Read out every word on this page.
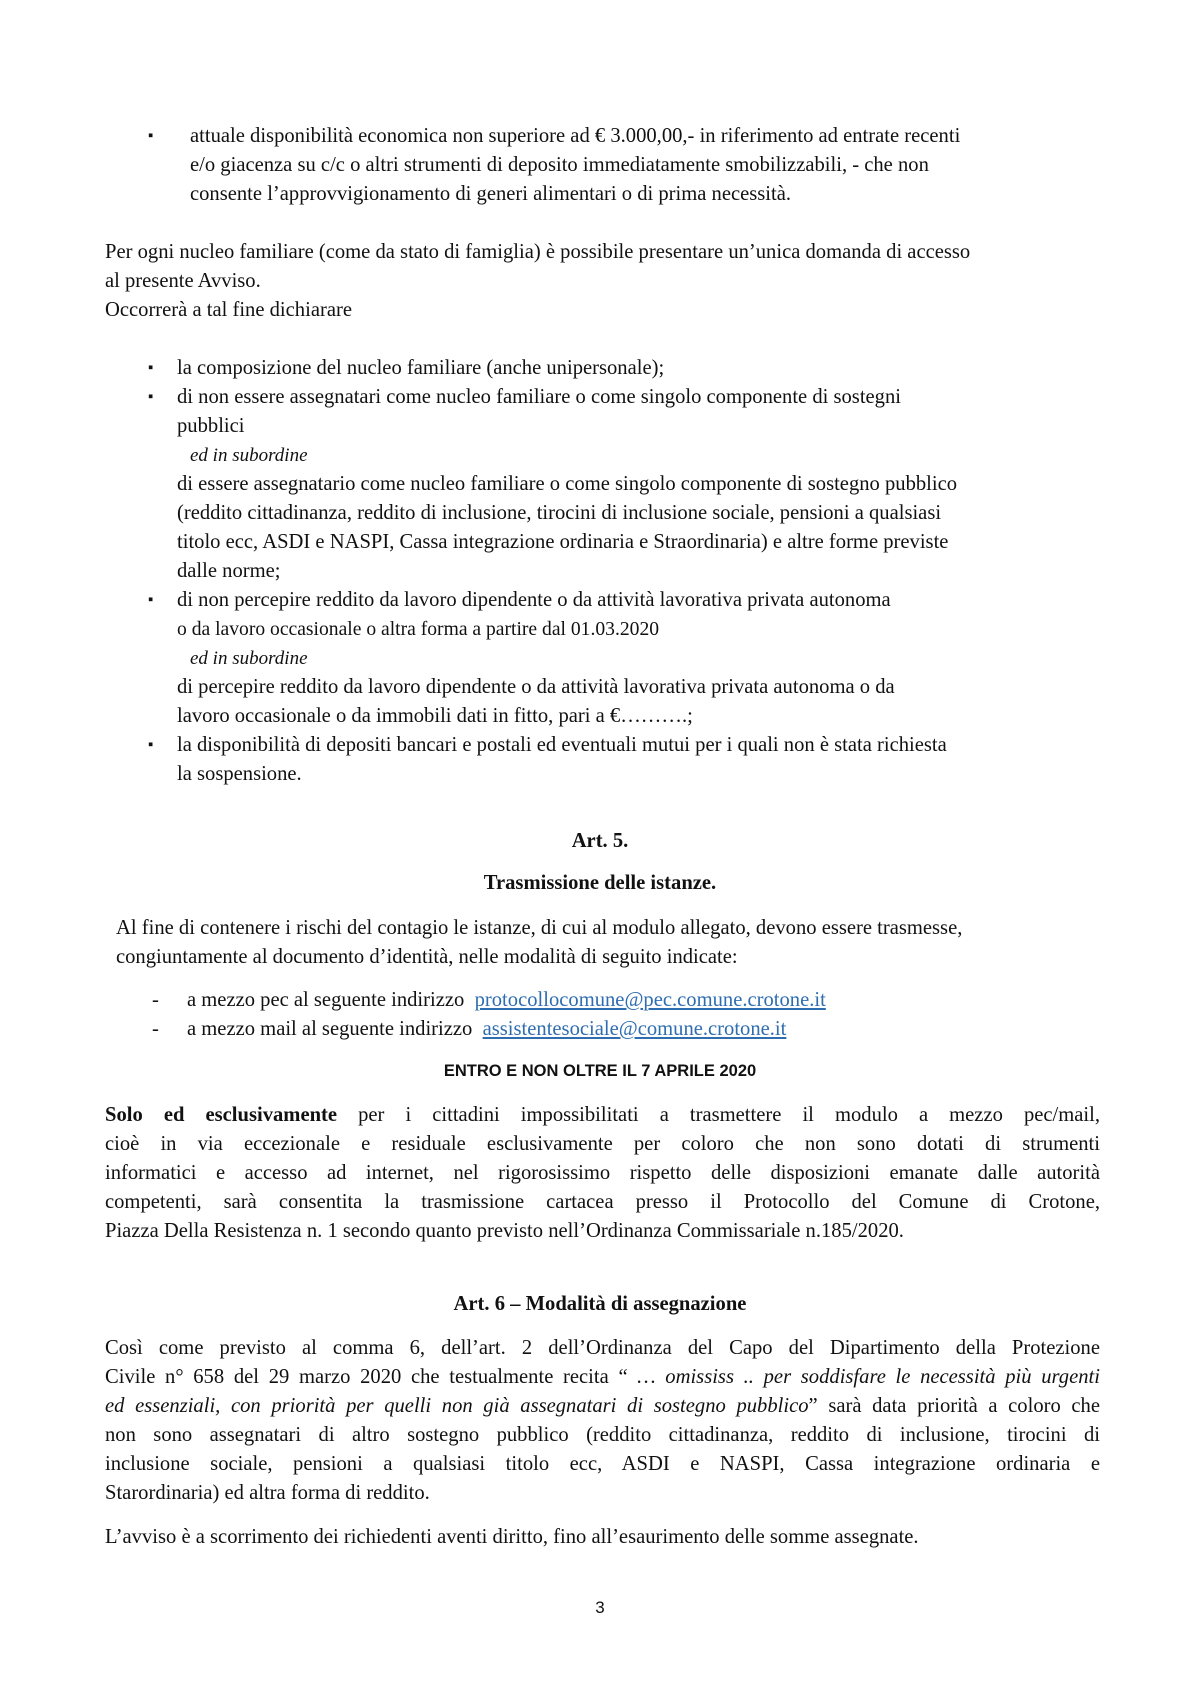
▪ attuale disponibilità economica non superiore ad € 3.000,00,- in riferimento ad entrate recenti
e/o giacenza su c/c o altri strumenti di deposito immediatamente smobilizzabili, - che non
consente l’approvvigionamento di generi alimentari o di prima necessità.
Per ogni nucleo familiare (come da stato di famiglia) è possibile presentare un’unica domanda di accesso
al presente Avviso.
Occorrerà a tal fine dichiarare
▪ la composizione del nucleo familiare (anche unipersonale);
▪ di non essere assegnatari come nucleo familiare o come singolo componente di sostegni
pubblici
ed in subordine
di essere assegnatario come nucleo familiare o come singolo componente di sostegno pubblico
(reddito cittadinanza, reddito di inclusione, tirocini di inclusione sociale, pensioni a qualsiasi
titolo ecc, ASDI e NASPI, Cassa integrazione ordinaria e Straordinaria) e altre forme previste
dalle norme;
▪ di non percepire reddito da lavoro dipendente o da attività lavorativa privata autonoma
o da lavoro occasionale o altra forma a partire dal 01.03.2020
ed in subordine
di percepire reddito da lavoro dipendente o da attività lavorativa privata autonoma o da
lavoro occasionale o da immobili dati in fitto, pari a €……….;
▪ la disponibilità di depositi bancari e postali ed eventuali mutui per i quali non è stata richiesta
la sospensione.
Art. 5.
Trasmissione delle istanze.
Al fine di contenere i rischi del contagio le istanze, di cui al modulo allegato, devono essere trasmesse,
congiuntamente al documento d’identità, nelle modalità di seguito indicate:
- a mezzo pec al seguente indirizzo protocollocomune@pec.comune.crotone.it
- a mezzo mail al seguente indirizzo assistentesociale@comune.crotone.it
ENTRO E NON OLTRE IL 7 APRILE 2020
Solo ed esclusivamente per i cittadini impossibilitati a trasmettere il modulo a mezzo pec/mail,
cioè in via eccezionale e residuale esclusivamente per coloro che non sono dotati di strumenti
informatici e accesso ad internet, nel rigorosissimo rispetto delle disposizioni emanate dalle autorità
competenti, sarà consentita la trasmissione cartacea presso il Protocollo del Comune di Crotone,
Piazza Della Resistenza n. 1 secondo quanto previsto nell’Ordinanza Commissariale n.185/2020.
Art. 6 – Modalità di assegnazione
Così come previsto al comma 6, dell’art. 2 dell’Ordinanza del Capo del Dipartimento della Protezione
Civile n° 658 del 29 marzo 2020 che testualmente recita “ … omississ .. per soddisfare le necessità più urgenti
ed essenziali, con priorità per quelli non già assegnatari di sostegno pubblico” sarà data priorità a coloro che
non sono assegnatari di altro sostegno pubblico (reddito cittadinanza, reddito di inclusione, tirocini di
inclusione sociale, pensioni a qualsiasi titolo ecc, ASDI e NASPI, Cassa integrazione ordinaria e
Starordinaria) ed altra forma di reddito.
L’avviso è a scorrimento dei richiedenti aventi diritto, fino all’esaurimento delle somme assegnate.
3
